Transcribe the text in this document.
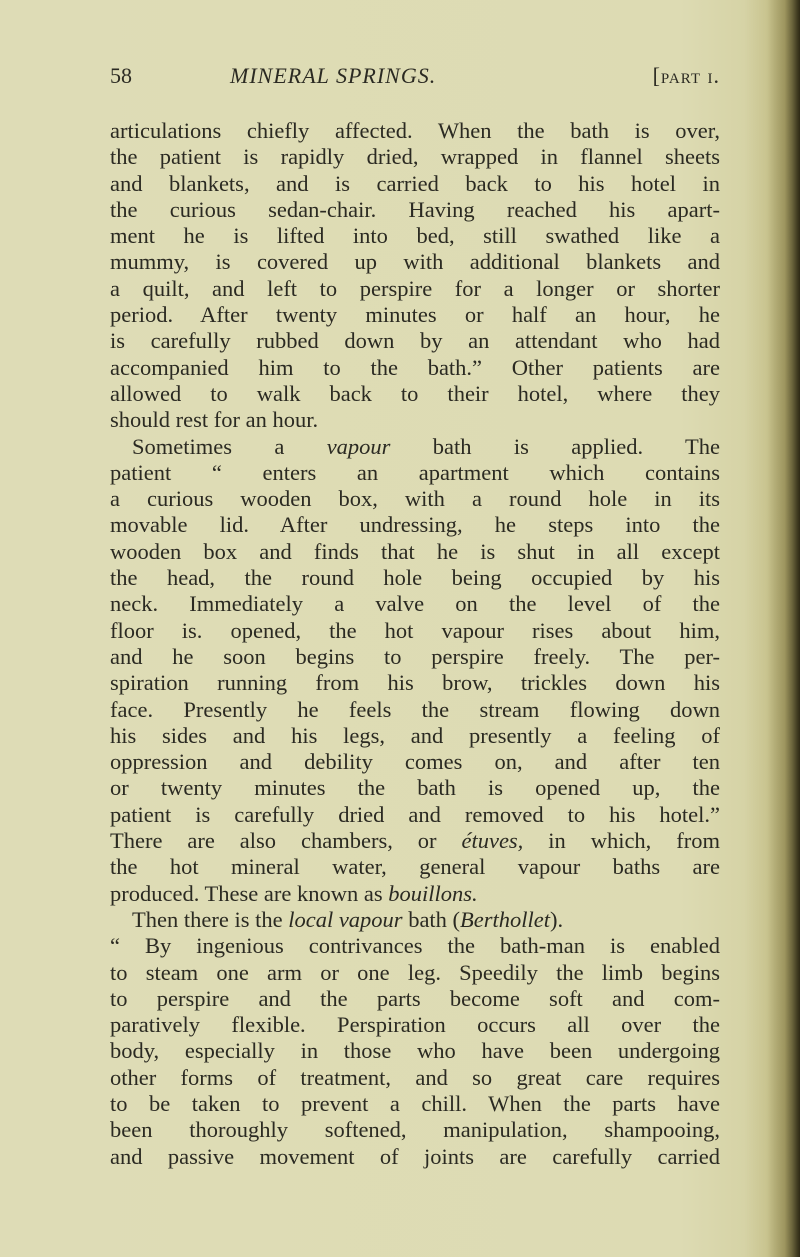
58	MINERAL SPRINGS.	[part i.
articulations chiefly affected. When the bath is over,
the patient is rapidly dried, wrapped in flannel sheets
and blankets, and is carried back to his hotel in
the curious sedan-chair. Having reached his apart-
ment he is lifted into bed, still swathed like a
mummy, is covered up with additional blankets and
a quilt, and left to perspire for a longer or shorter
period. After twenty minutes or half an hour, he
is carefully rubbed down by an attendant who had
accompanied him to the bath.” Other patients are
allowed to walk back to their hotel, where they
should rest for an hour.
Sometimes a vapour bath is applied. The
patient “ enters an apartment which contains
a curious wooden box, with a round hole in its
movable lid. After undressing, he steps into the
wooden box and finds that he is shut in all except
the head, the round hole being occupied by his
neck. Immediately a valve on the level of the
floor is. opened, the hot vapour rises about him,
and he soon begins to perspire freely. The per-
spiration running from his brow, trickles down his
face. Presently he feels the stream flowing down
his sides and his legs, and presently a feeling of
oppression and debility comes on, and after ten
or twenty minutes the bath is opened up, the
patient is carefully dried and removed to his hotel.”
There are also chambers, or étuves, in which, from
the hot mineral water, general vapour baths are
produced. These are known as bouillons.
Then there is the local vapour bath (Berthollet).
“ By ingenious contrivances the bath-man is enabled
to steam one arm or one leg. Speedily the limb begins
to perspire and the parts become soft and com-
paratively flexible. Perspiration occurs all over the
body, especially in those who have been undergoing
other forms of treatment, and so great care requires
to be taken to prevent a chill. When the parts have
been thoroughly softened, manipulation, shampooing,
and passive movement of joints are carefully carried
